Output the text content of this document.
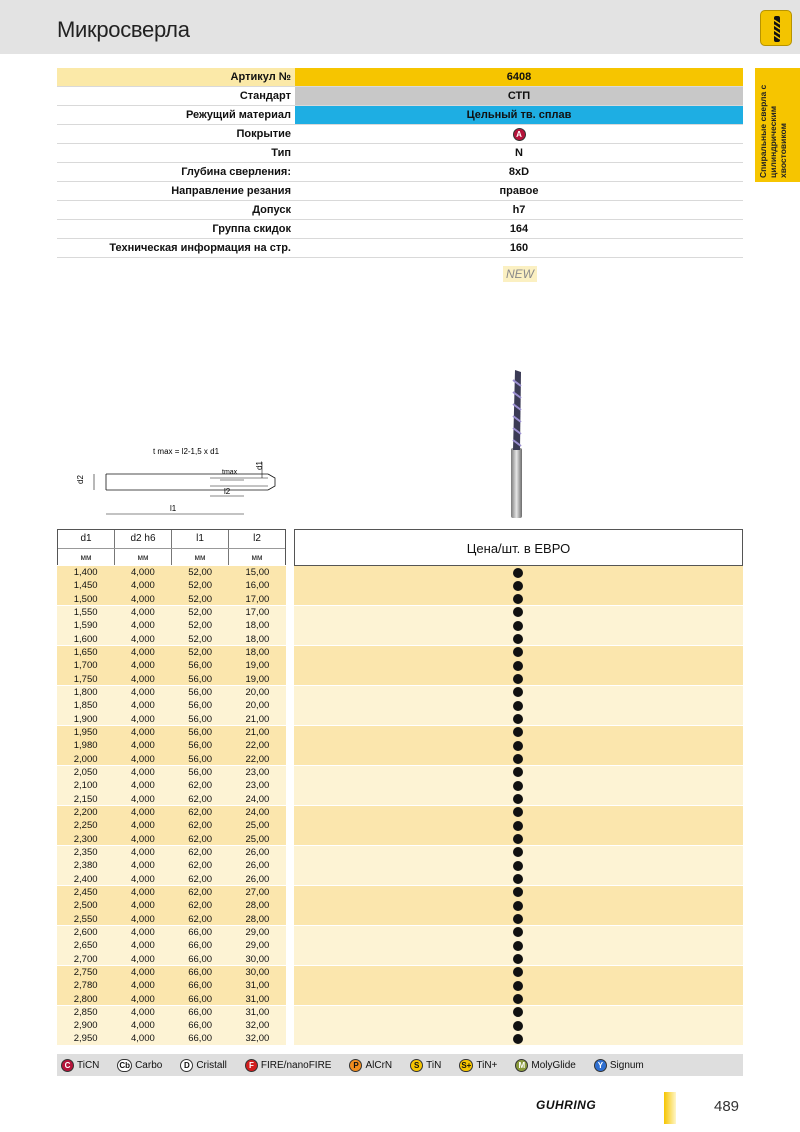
Микросверла
Спиральные сверла с цилиндрическим хвостовиком
Артикул №	6408
Стандарт	СТП
Режущий материал	Цельный тв. сплав
Покрытие	A
Тип	N
Глубина сверления:	8xD
Направление резания	правое
Допуск	h7
Группа скидок	164
Техническая информация на стр.	160
NEW
t max = l2-1,5 x d1
d2
d1
tmax
l2
l1
d1	d2 h6	l1	l2
мм	мм	мм	мм
Цена/шт. в ЕВРО
1,400	4,000	52,00	15,00
1,450	4,000	52,00	16,00
1,500	4,000	52,00	17,00
1,550	4,000	52,00	17,00
1,590	4,000	52,00	18,00
1,600	4,000	52,00	18,00
1,650	4,000	52,00	18,00
1,700	4,000	56,00	19,00
1,750	4,000	56,00	19,00
1,800	4,000	56,00	20,00
1,850	4,000	56,00	20,00
1,900	4,000	56,00	21,00
1,950	4,000	56,00	21,00
1,980	4,000	56,00	22,00
2,000	4,000	56,00	22,00
2,050	4,000	56,00	23,00
2,100	4,000	62,00	23,00
2,150	4,000	62,00	24,00
2,200	4,000	62,00	24,00
2,250	4,000	62,00	25,00
2,300	4,000	62,00	25,00
2,350	4,000	62,00	26,00
2,380	4,000	62,00	26,00
2,400	4,000	62,00	26,00
2,450	4,000	62,00	27,00
2,500	4,000	62,00	28,00
2,550	4,000	62,00	28,00
2,600	4,000	66,00	29,00
2,650	4,000	66,00	29,00
2,700	4,000	66,00	30,00
2,750	4,000	66,00	30,00
2,780	4,000	66,00	31,00
2,800	4,000	66,00	31,00
2,850	4,000	66,00	31,00
2,900	4,000	66,00	32,00
2,950	4,000	66,00	32,00
C TiCN	Cb Carbo	D Cristall	F FIRE/nanoFIRE	P AlCrN	S TiN	S+ TiN+	M MolyGlide	Y Signum
GUHRING	489
